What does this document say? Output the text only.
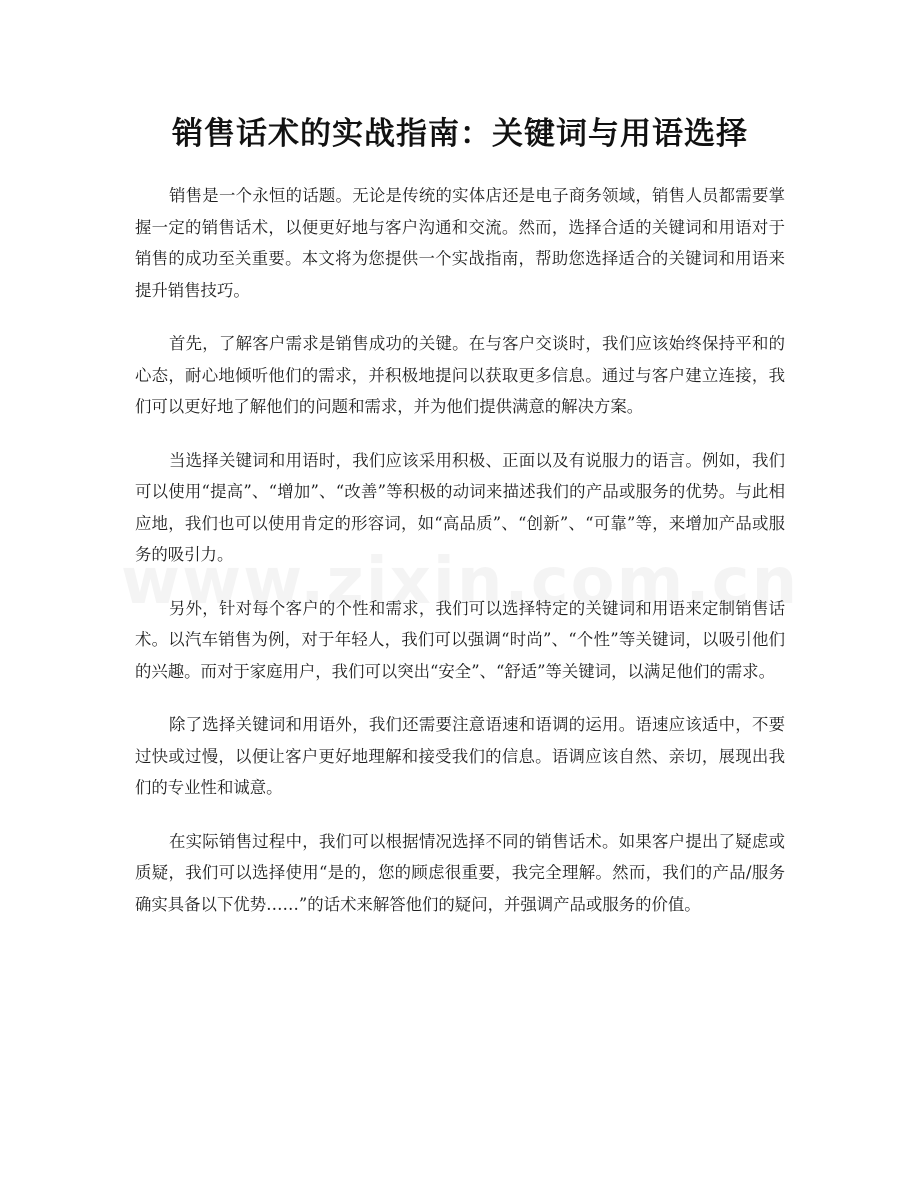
销售话术的实战指南：关键词与用语选择

销售是一个永恒的话题。无论是传统的实体店还是电子商务领域，销售人员都需要掌握一定的销售话术，以便更好地与客户沟通和交流。然而，选择合适的关键词和用语对于销售的成功至关重要。本文将为您提供一个实战指南，帮助您选择适合的关键词和用语来提升销售技巧。

首先，了解客户需求是销售成功的关键。在与客户交谈时，我们应该始终保持平和的心态，耐心地倾听他们的需求，并积极地提问以获取更多信息。通过与客户建立连接，我们可以更好地了解他们的问题和需求，并为他们提供满意的解决方案。

当选择关键词和用语时，我们应该采用积极、正面以及有说服力的语言。例如，我们可以使用“提高”、“增加”、“改善”等积极的动词来描述我们的产品或服务的优势。与此相应地，我们也可以使用肯定的形容词，如“高品质”、“创新”、“可靠”等，来增加产品或服务的吸引力。

另外，针对每个客户的个性和需求，我们可以选择特定的关键词和用语来定制销售话术。以汽车销售为例，对于年轻人，我们可以强调“时尚”、“个性”等关键词，以吸引他们的兴趣。而对于家庭用户，我们可以突出“安全”、“舒适”等关键词，以满足他们的需求。

除了选择关键词和用语外，我们还需要注意语速和语调的运用。语速应该适中，不要过快或过慢，以便让客户更好地理解和接受我们的信息。语调应该自然、亲切，展现出我们的专业性和诚意。

在实际销售过程中，我们可以根据情况选择不同的销售话术。如果客户提出了疑虑或质疑，我们可以选择使用“是的，您的顾虑很重要，我完全理解。然而，我们的产品/服务确实具备以下优势……”的话术来解答他们的疑问，并强调产品或服务的价值。
